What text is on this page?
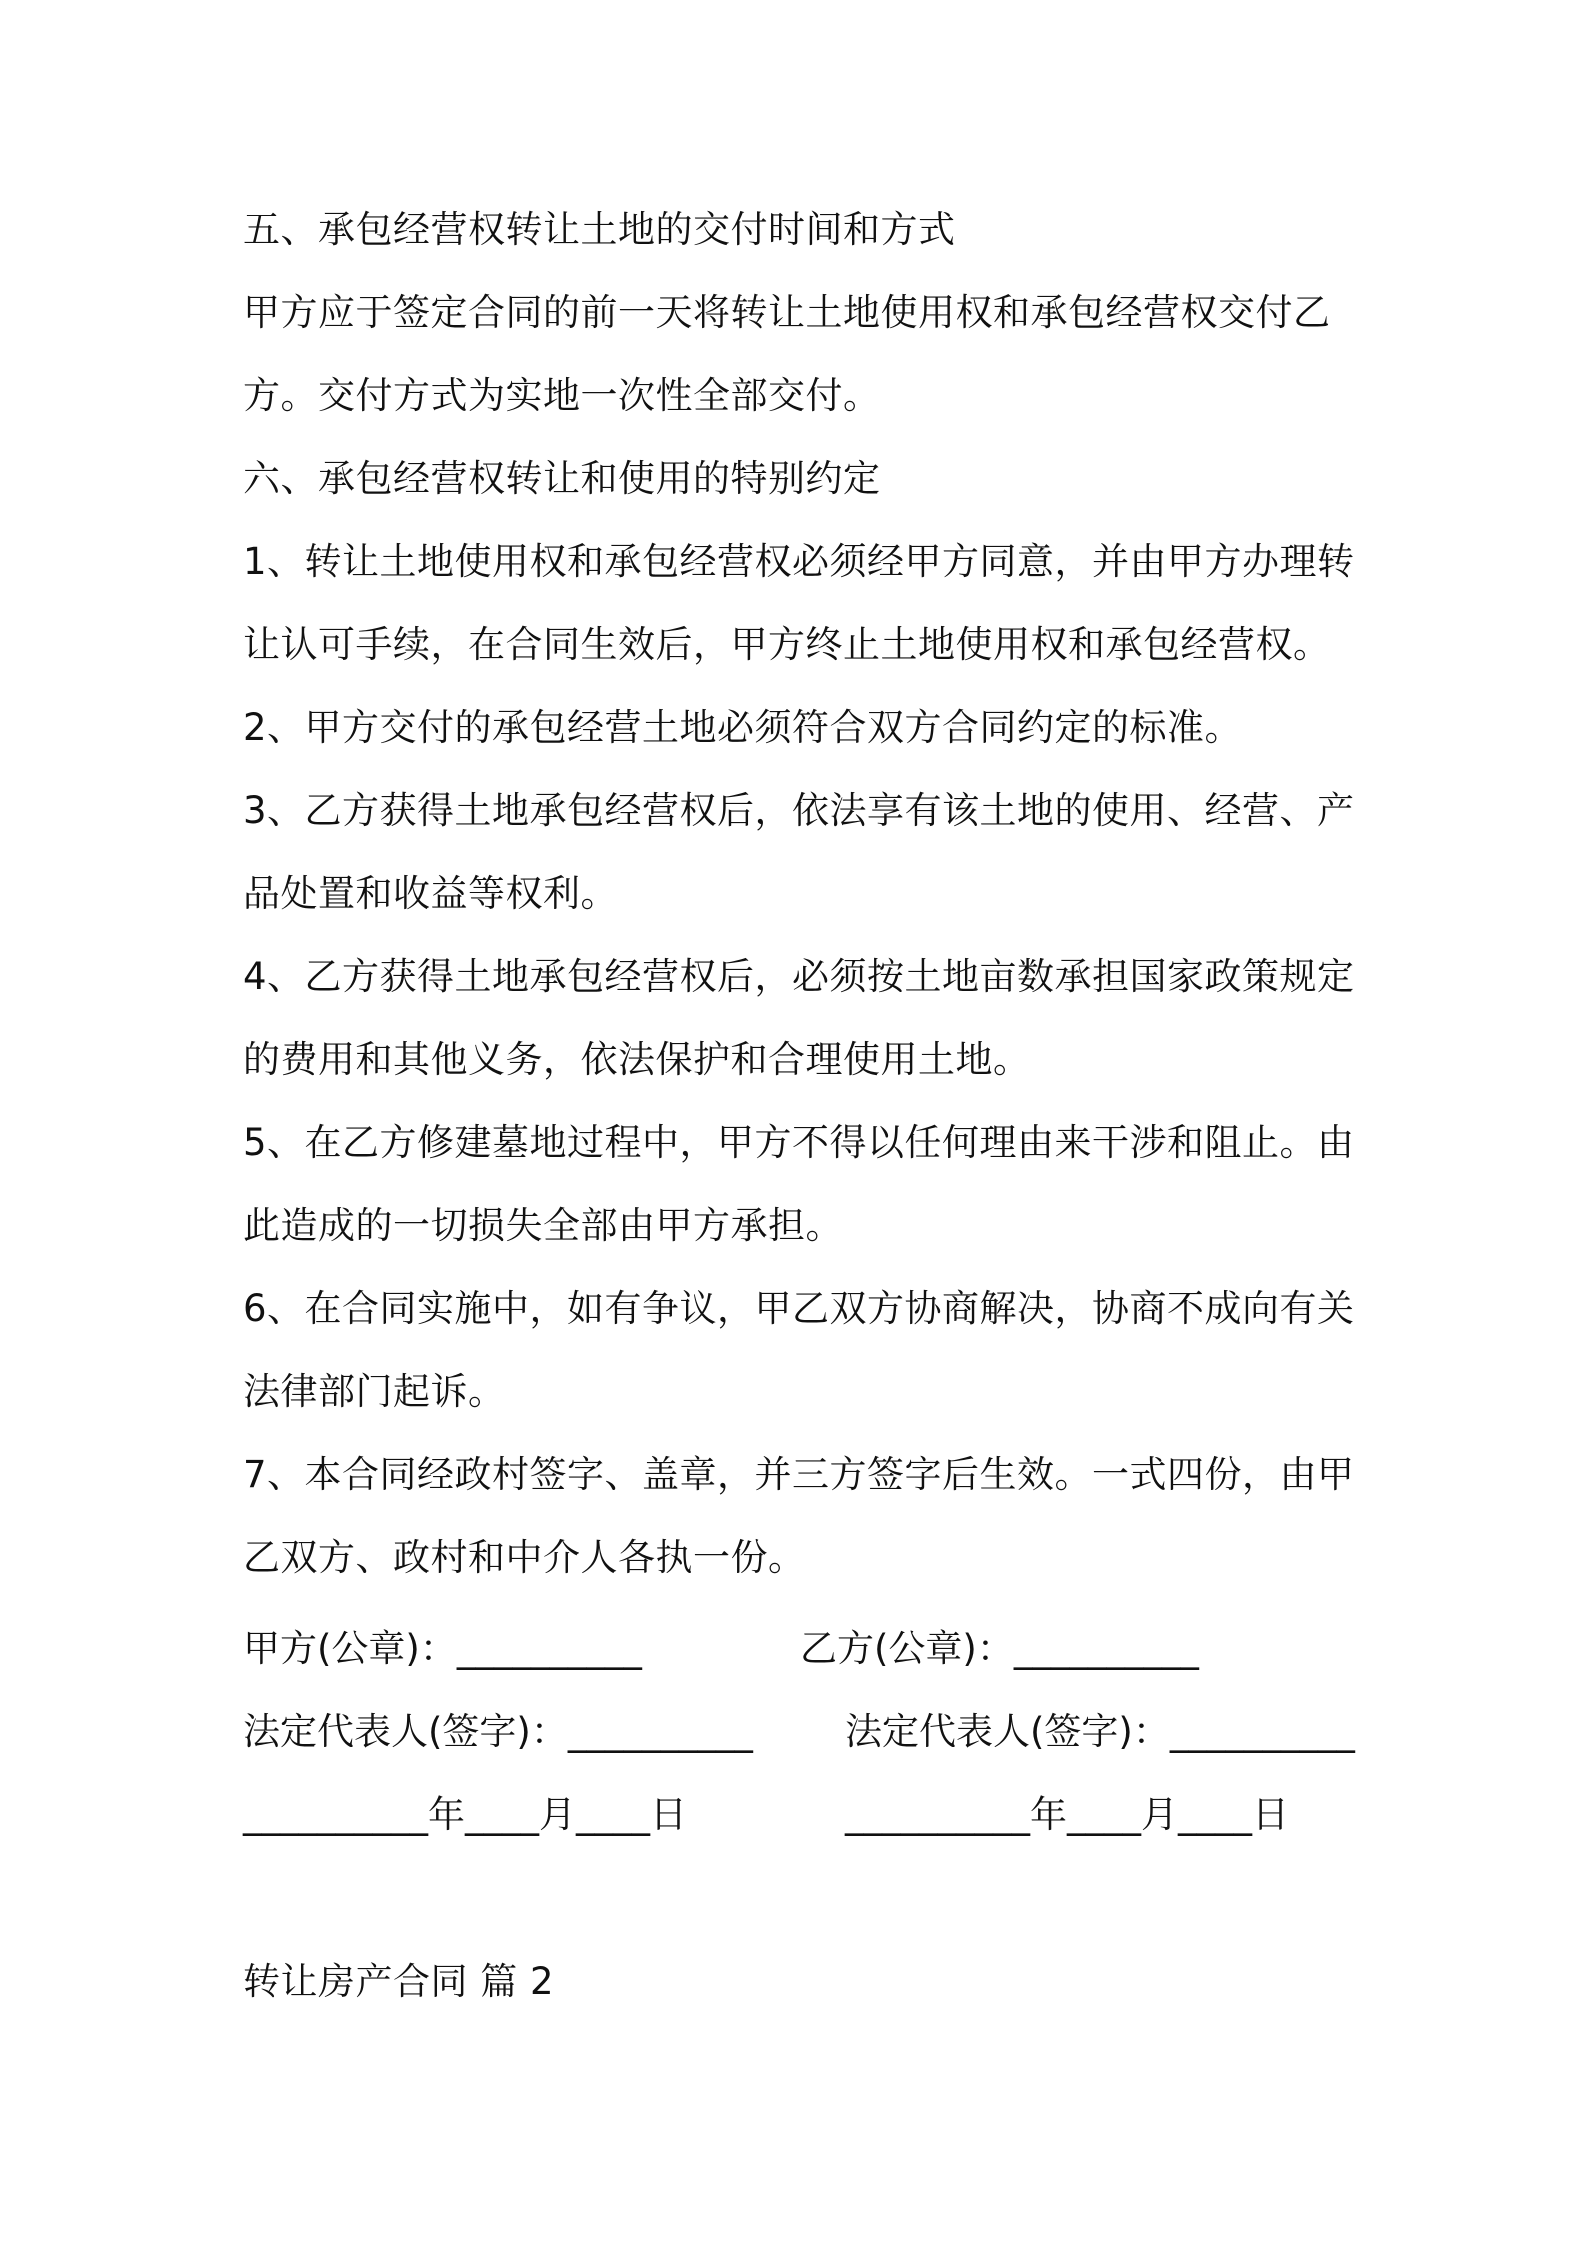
五、承包经营权转让土地的交付时间和方式
甲方应于签定合同的前一天将转让土地使用权和承包经营权交付乙
方。交付方式为实地一次性全部交付。
六、承包经营权转让和使用的特别约定
1、转让土地使用权和承包经营权必须经甲方同意，并由甲方办理转
让认可手续，在合同生效后，甲方终止土地使用权和承包经营权。
2、甲方交付的承包经营土地必须符合双方合同约定的标准。
3、乙方获得土地承包经营权后，依法享有该土地的使用、经营、产
品处置和收益等权利。
4、乙方获得土地承包经营权后，必须按土地亩数承担国家政策规定
的费用和其他义务，依法保护和合理使用土地。
5、在乙方修建墓地过程中，甲方不得以任何理由来干涉和阻止。由
此造成的一切损失全部由甲方承担。
6、在合同实施中，如有争议，甲乙双方协商解决，协商不成向有关
法律部门起诉。
7、本合同经政村签字、盖章，并三方签字后生效。一式四份，由甲
乙双方、政村和中介人各执一份。
甲方(公章)：__________	乙方(公章)：__________
法定代表人(签字)：__________ 法定代表人(签字)：__________
__________年____月____日	__________年____月____日
转让房产合同 篇 2
